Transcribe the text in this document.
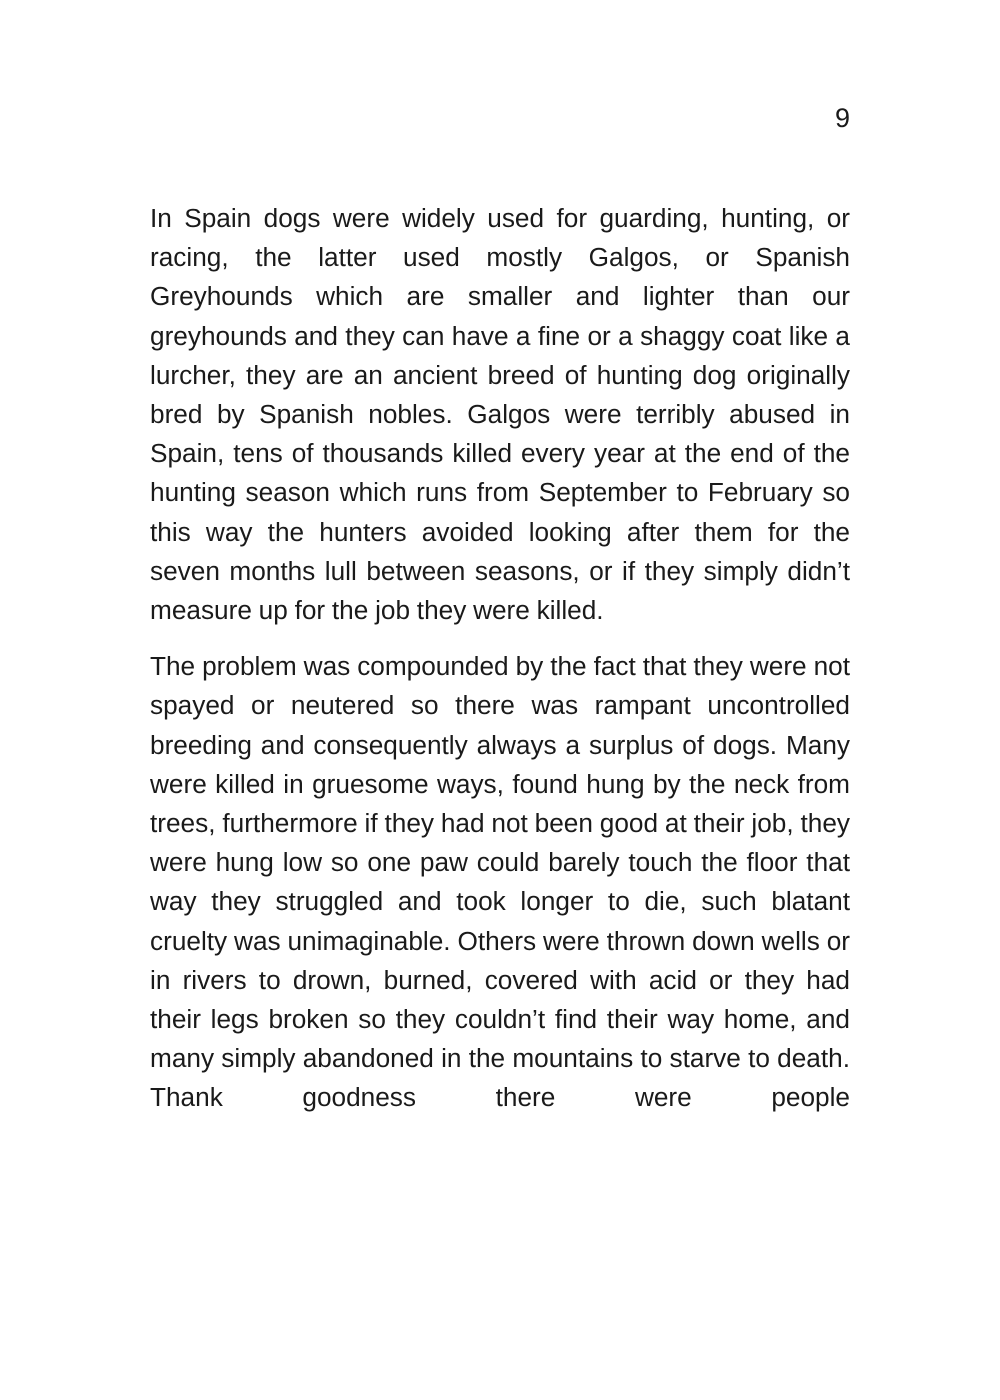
9

In Spain dogs were widely used for guarding, hunting, or racing, the latter used mostly Galgos, or Spanish Greyhounds which are smaller and lighter than our greyhounds and they can have a fine or a shaggy coat like a lurcher, they are an ancient breed of hunting dog originally bred by Spanish nobles. Galgos were terribly abused in Spain, tens of thousands killed every year at the end of the hunting season which runs from September to February so this way the hunters avoided looking after them for the seven months lull between seasons, or if they simply didn’t measure up for the job they were killed.

The problem was compounded by the fact that they were not spayed or neutered so there was rampant uncontrolled breeding and consequently always a surplus of dogs. Many were killed in gruesome ways, found hung by the neck from trees, furthermore if they had not been good at their job, they were hung low so one paw could barely touch the floor that way they struggled and took longer to die, such blatant cruelty was unimaginable. Others were thrown down wells or in rivers to drown, burned, covered with acid or they had their legs broken so they couldn’t find their way home, and many simply abandoned in the mountains to starve to death. Thank goodness there were people
